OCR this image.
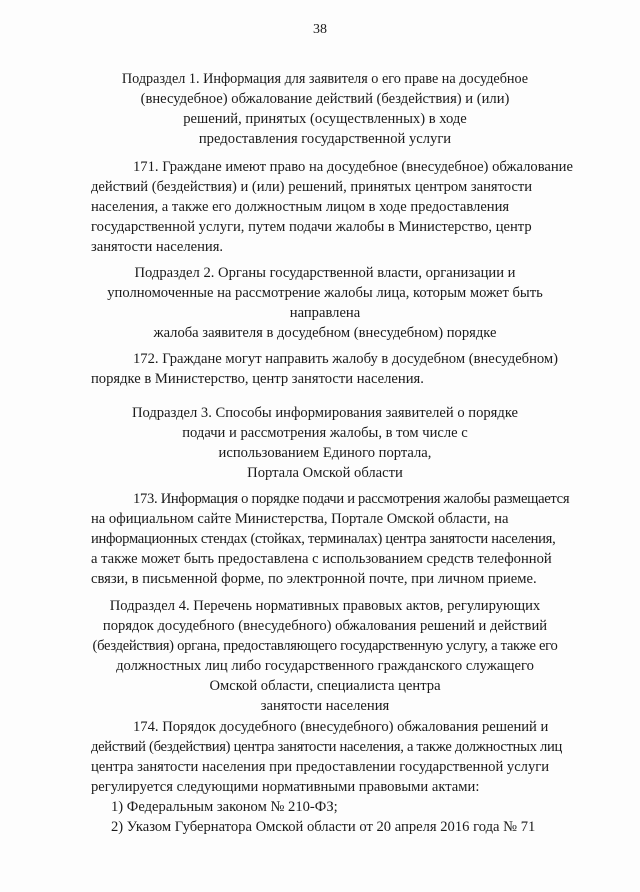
38
Подраздел 1. Информация для заявителя о его праве на досудебное
(внесудебное) обжалование действий (бездействия) и (или)
решений, принятых (осуществленных) в ходе
предоставления государственной услуги
171. Граждане имеют право на досудебное (внесудебное) обжалование
действий (бездействия) и (или) решений, принятых центром занятости
населения, а также его должностным лицом в ходе предоставления
государственной услуги, путем подачи жалобы в Министерство, центр
занятости населения.
Подраздел 2. Органы государственной власти, организации и
уполномоченные на рассмотрение жалобы лица, которым может быть
направлена
жалоба заявителя в досудебном (внесудебном) порядке
172. Граждане могут направить жалобу в досудебном (внесудебном)
порядке в Министерство, центр занятости населения.
Подраздел 3. Способы информирования заявителей о порядке
подачи и рассмотрения жалобы, в том числе с
использованием Единого портала,
Портала Омской области
173. Информация о порядке подачи и рассмотрения жалобы размещается
на официальном сайте Министерства, Портале Омской области, на
информационных стендах (стойках, терминалах) центра занятости населения,
а также может быть предоставлена с использованием средств телефонной
связи, в письменной форме, по электронной почте, при личном приеме.
Подраздел 4. Перечень нормативных правовых актов, регулирующих
порядок досудебного (внесудебного) обжалования решений и действий
(бездействия) органа, предоставляющего государственную услугу, а также его
должностных лиц либо государственного гражданского служащего
Омской области, специалиста центра
занятости населения
174. Порядок досудебного (внесудебного) обжалования решений и
действий (бездействия) центра занятости населения, а также должностных лиц
центра занятости населения при предоставлении государственной услуги
регулируется следующими нормативными правовыми актами:
1) Федеральным законом № 210-ФЗ;
2) Указом Губернатора Омской области от 20 апреля 2016 года № 71
